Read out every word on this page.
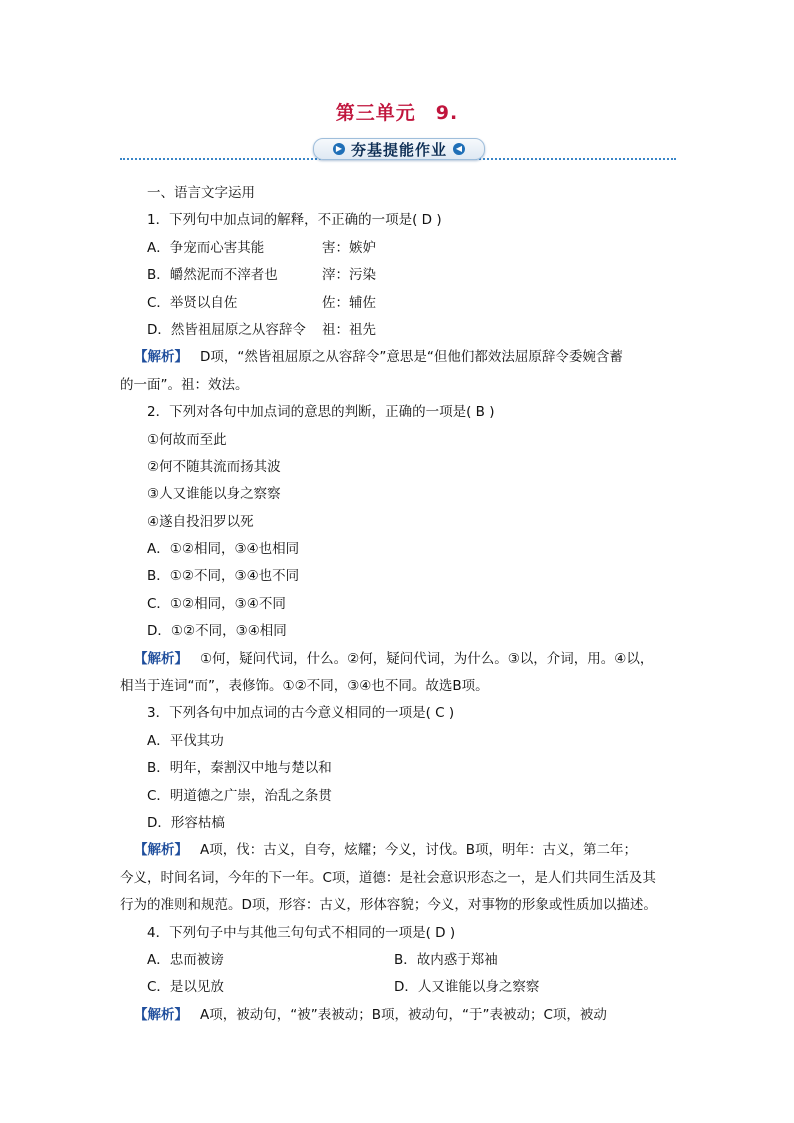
第三单元　9.
▶ 夯基提能作业	◀
一、语言文字运用
1．下列句中加点词的解释，不正确的一项是( D )
A．争宠而心害其能	害：嫉妒
B．皭然泥而不滓者也	滓：污染
C．举贤以自佐	佐：辅佐
D．然皆祖屈原之从容辞令 祖：祖先
【解析】 D项，“然皆祖屈原之从容辞令”意思是“但他们都效法屈原辞令委婉含蓄
的一面”。祖：效法。
2．下列对各句中加点词的意思的判断，正确的一项是( B )
①何故而至此
②何不随其流而扬其波
③人又谁能以身之察察
④遂自投汨罗以死
A．①②相同，③④也相同
B．①②不同，③④也不同
C．①②相同，③④不同
D．①②不同，③④相同
【解析】 ①何，疑问代词，什么。②何，疑问代词，为什么。③以，介词，用。④以，
相当于连词“而”，表修饰。①②不同，③④也不同。故选B项。
3．下列各句中加点词的古今意义相同的一项是( C )
A．平伐其功
B．明年，秦割汉中地与楚以和
C．明道德之广崇，治乱之条贯
D．形容枯槁
【解析】 A项，伐：古义，自夸，炫耀；今义，讨伐。B项，明年：古义，第二年；
今义，时间名词，今年的下一年。C项，道德：是社会意识形态之一，是人们共同生活及其
行为的准则和规范。D项，形容：古义，形体容貌；今义，对事物的形象或性质加以描述。
4．下列句子中与其他三句句式不相同的一项是( D )
A．忠而被谤	B．故内惑于郑袖
C．是以见放	D．人又谁能以身之察察
【解析】 A项，被动句，“被”表被动；B项，被动句，“于”表被动；C项，被动
